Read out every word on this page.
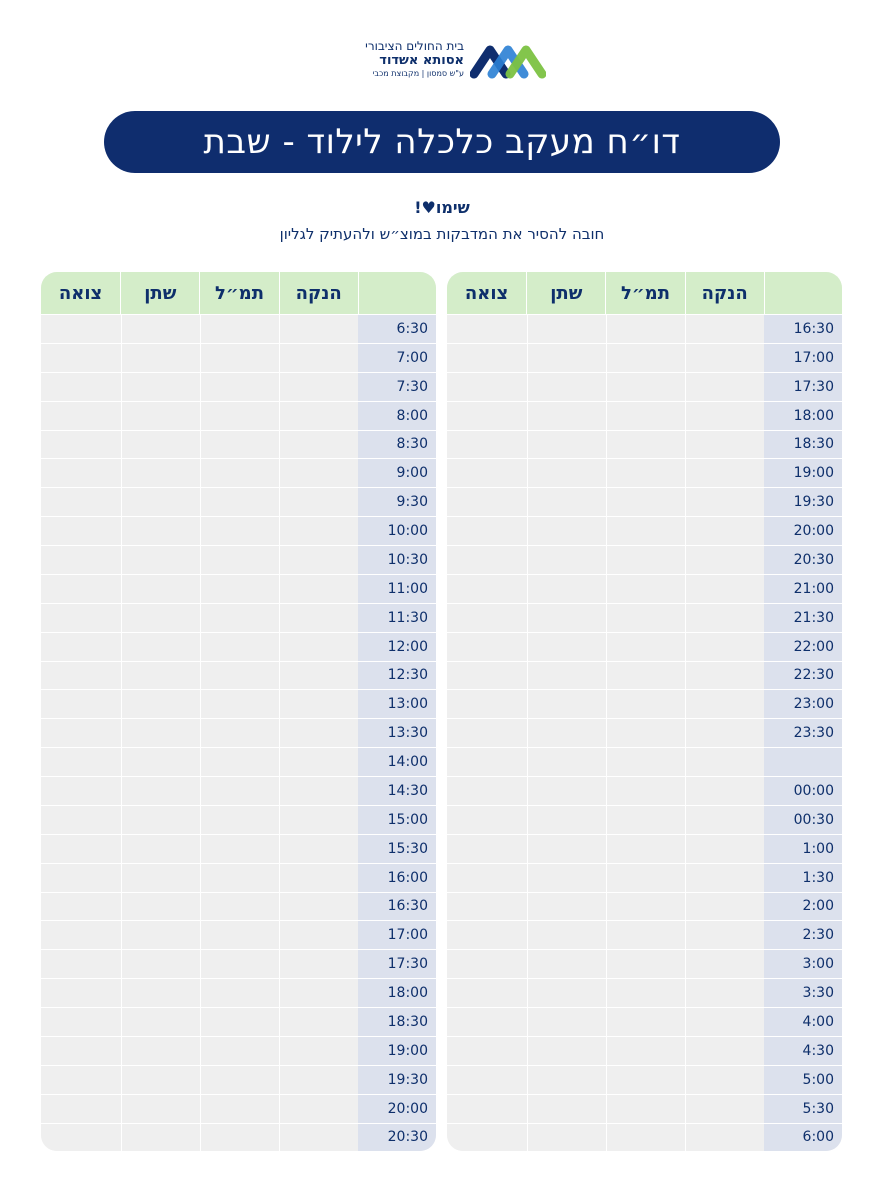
בית החולים הציבורי
אסותא אשדוד
ע"ש סמסון | מקבוצת מכבי
דו״ח מעקב כלכלה לילוד - שבת
!♥שימו
חובה להסיר את המדבקות במוצ״ש ולהעתיק לגליון
הנקה
תמ״ל
שתן
צואה
16:30
17:00
17:30
18:00
18:30
19:00
19:30
20:00
20:30
21:00
21:30
22:00
22:30
23:00
23:30
00:00
00:30
1:00
1:30
2:00
2:30
3:00
3:30
4:00
4:30
5:00
5:30
6:00
הנקה
תמ״ל
שתן
צואה
6:30
7:00
7:30
8:00
8:30
9:00
9:30
10:00
10:30
11:00
11:30
12:00
12:30
13:00
13:30
14:00
14:30
15:00
15:30
16:00
16:30
17:00
17:30
18:00
18:30
19:00
19:30
20:00
20:30
